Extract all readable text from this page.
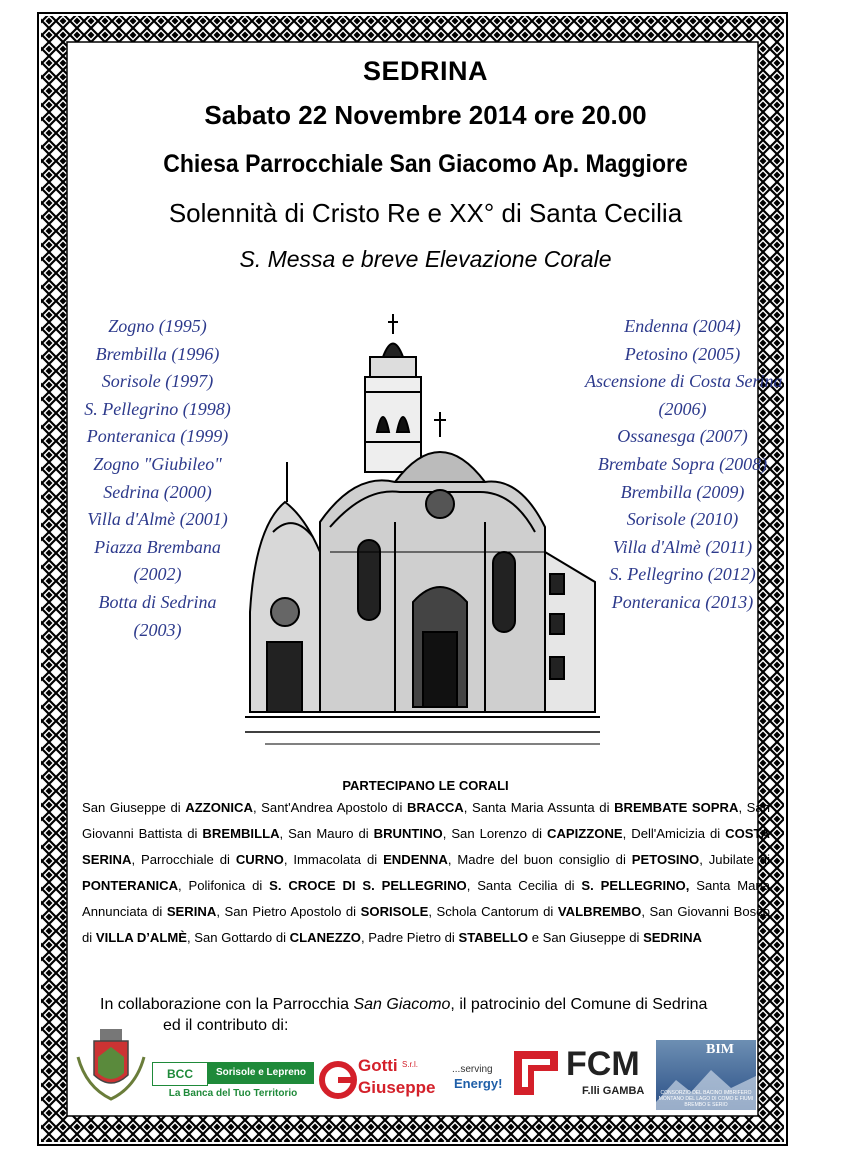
SEDRINA
Sabato 22 Novembre 2014 ore 20.00
Chiesa Parrocchiale San Giacomo Ap. Maggiore
Solennità di Cristo Re e XX° di Santa Cecilia
S. Messa e breve Elevazione Corale
Zogno (1995)
Brembilla (1996)
Sorisole (1997)
S. Pellegrino (1998)
Ponteranica (1999)
Zogno "Giubileo"
Sedrina (2000)
Villa d'Almè (2001)
Piazza Brembana
(2002)
Botta di Sedrina
(2003)
Endenna (2004)
Petosino (2005)
Ascensione di Costa Serina
(2006)
Ossanesga (2007)
Brembate Sopra (2008)
Brembilla (2009)
Sorisole (2010)
Villa d'Almè (2011)
S. Pellegrino (2012)
Ponteranica (2013)
PARTECIPANO LE CORALI
San Giuseppe di AZZONICA, Sant'Andrea Apostolo di BRACCA, Santa Maria Assunta di BREMBATE SOPRA, San Giovanni Battista di BREMBILLA, San Mauro di BRUNTINO, San Lorenzo di CAPIZZONE, Dell'Amicizia di COSTA SERINA, Parrocchiale di CURNO, Immacolata di ENDENNA, Madre del buon consiglio di PETOSINO, Jubilate di PONTERANICA, Polifonica di S. CROCE DI S. PELLEGRINO, Santa Cecilia di S. PELLEGRINO, Santa Maria Annunciata di SERINA, San Pietro Apostolo di SORISOLE, Schola Cantorum di VALBREMBO, San Giovanni Bosco di VILLA D’ALMÈ, San Gottardo di CLANEZZO, Padre Pietro di STABELLO e San Giuseppe di SEDRINA
In collaborazione con la Parrocchia San Giacomo, il patrocinio del Comune di Sedrina
ed il contributo di:
BCC	Sorisole e Lepreno
La Banca del Tuo Territorio
Gotti S.r.l.
Giuseppe
...serving
Energy!
FCM
F.lli GAMBA
BIM
CONSORZIO DEL BACINO IMBRIFERO MONTANO DEL LAGO DI COMO E FIUMI BREMBO E SERIO
